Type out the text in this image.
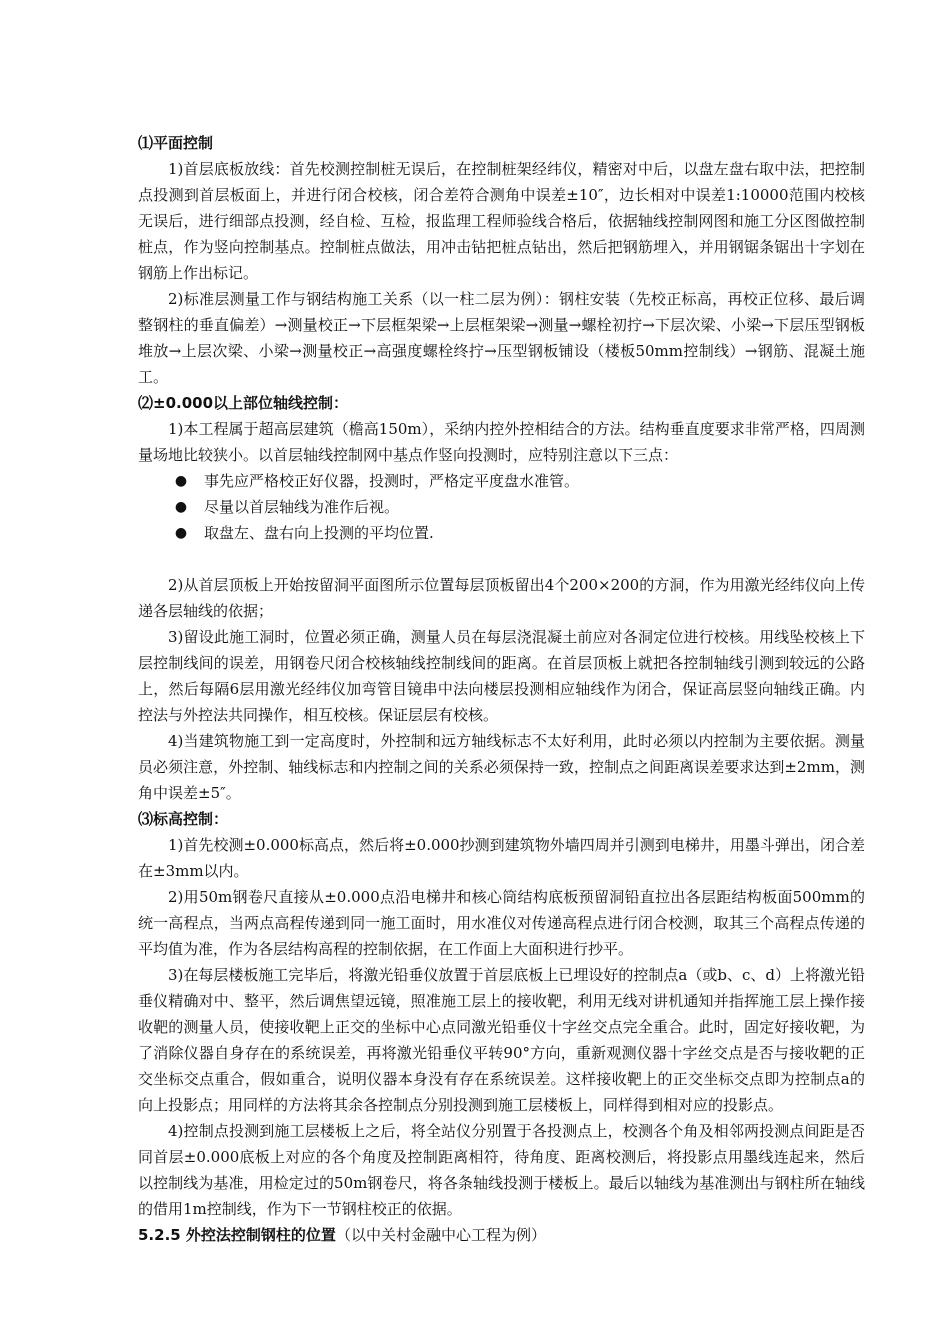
⑴平面控制
1)首层底板放线：首先校测控制桩无误后，在控制桩架经纬仪，精密对中后，以盘左盘右取中法，把控制点投测到首层板面上，并进行闭合校核，闭合差符合测角中误差±10″，边长相对中误差1:10000范围内校核无误后，进行细部点投测，经自检、互检，报监理工程师验线合格后，依据轴线控制网图和施工分区图做控制桩点，作为竖向控制基点。控制桩点做法，用冲击钻把桩点钻出，然后把钢筋埋入，并用钢锯条锯出十字划在钢筋上作出标记。
2)标准层测量工作与钢结构施工关系（以一柱二层为例）：钢柱安装（先校正标高，再校正位移、最后调整钢柱的垂直偏差）→测量校正→下层框架梁→上层框架梁→测量→螺栓初拧→下层次梁、小梁→下层压型钢板堆放→上层次梁、小梁→测量校正→高强度螺栓终拧→压型钢板铺设（楼板50mm控制线）→钢筋、混凝土施工。
⑵±0.000以上部位轴线控制：
1)本工程属于超高层建筑（檐高150m），采纳内控外控相结合的方法。结构垂直度要求非常严格，四周测量场地比较狭小。以首层轴线控制网中基点作竖向投测时，应特别注意以下三点：
● 事先应严格校正好仪器，投测时，严格定平度盘水准管。
● 尽量以首层轴线为准作后视。
● 取盘左、盘右向上投测的平均位置.
2)从首层顶板上开始按留洞平面图所示位置每层顶板留出4个200×200的方洞，作为用激光经纬仪向上传递各层轴线的依据；
3)留设此施工洞时，位置必须正确，测量人员在每层浇混凝土前应对各洞定位进行校核。用线坠校核上下层控制线间的误差，用钢卷尺闭合校核轴线控制线间的距离。在首层顶板上就把各控制轴线引测到较远的公路上，然后每隔6层用激光经纬仪加弯管目镜串中法向楼层投测相应轴线作为闭合，保证高层竖向轴线正确。内控法与外控法共同操作，相互校核。保证层层有校核。
4)当建筑物施工到一定高度时，外控制和远方轴线标志不太好利用，此时必须以内控制为主要依据。测量员必须注意，外控制、轴线标志和内控制之间的关系必须保持一致，控制点之间距离误差要求达到±2mm，测角中误差±5″。
⑶标高控制：
1)首先校测±0.000标高点，然后将±0.000抄测到建筑物外墙四周并引测到电梯井，用墨斗弹出，闭合差在±3mm以内。
2)用50m钢卷尺直接从±0.000点沿电梯井和核心筒结构底板预留洞铅直拉出各层距结构板面500mm的统一高程点，当两点高程传递到同一施工面时，用水准仪对传递高程点进行闭合校测，取其三个高程点传递的平均值为准，作为各层结构高程的控制依据，在工作面上大面积进行抄平。
3)在每层楼板施工完毕后，将激光铅垂仪放置于首层底板上已埋设好的控制点a（或b、c、d）上将激光铅垂仪精确对中、整平，然后调焦望远镜，照准施工层上的接收靶，利用无线对讲机通知并指挥施工层上操作接收靶的测量人员，使接收靶上正交的坐标中心点同激光铅垂仪十字丝交点完全重合。此时，固定好接收靶，为了消除仪器自身存在的系统误差，再将激光铅垂仪平转90°方向，重新观测仪器十字丝交点是否与接收靶的正交坐标交点重合，假如重合，说明仪器本身没有存在系统误差。这样接收靶上的正交坐标交点即为控制点a的向上投影点；用同样的方法将其余各控制点分别投测到施工层楼板上，同样得到相对应的投影点。
4)控制点投测到施工层楼板上之后，将全站仪分别置于各投测点上，校测各个角及相邻两投测点间距是否同首层±0.000底板上对应的各个角度及控制距离相符，待角度、距离校测后，将投影点用墨线连起来，然后以控制线为基准，用检定过的50m钢卷尺，将各条轴线投测于楼板上。最后以轴线为基准测出与钢柱所在轴线的借用1m控制线，作为下一节钢柱校正的依据。
5.2.5 外控法控制钢柱的位置（以中关村金融中心工程为例）
